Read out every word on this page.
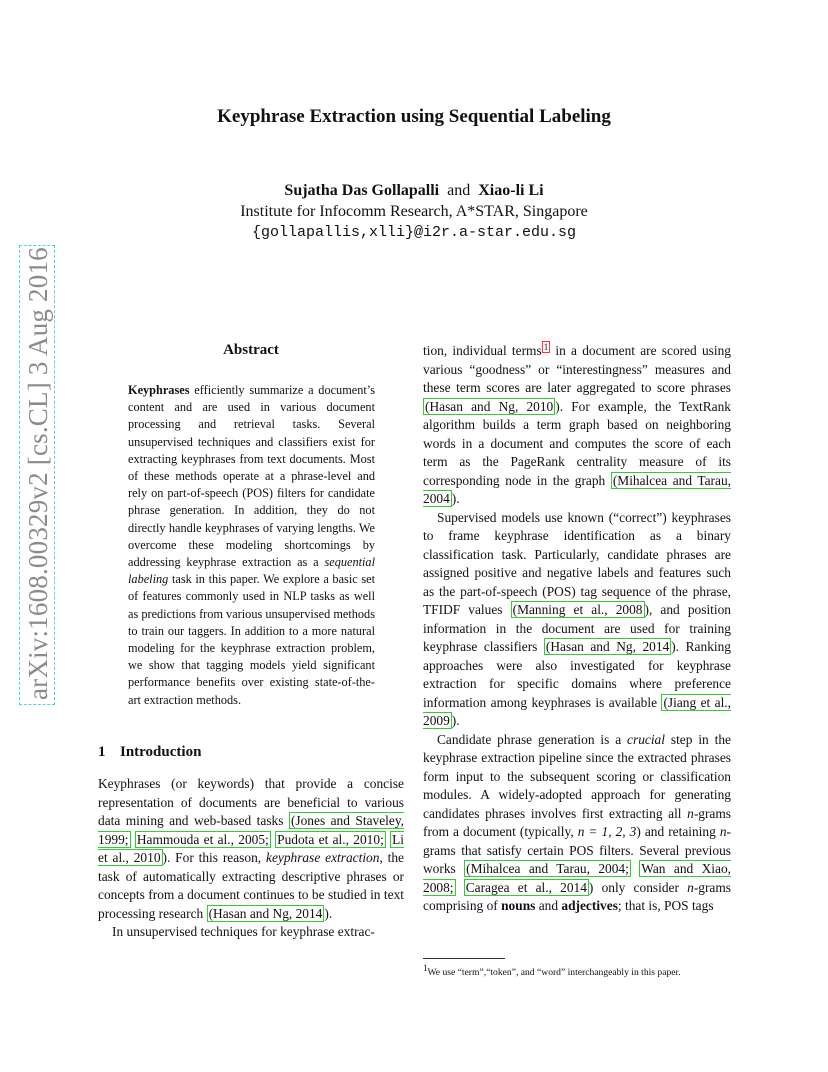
arXiv:1608.00329v2 [cs.CL] 3 Aug 2016
Keyphrase Extraction using Sequential Labeling
Sujatha Das Gollapalli and Xiao-li Li
Institute for Infocomm Research, A*STAR, Singapore
{gollapallis,xlli}@i2r.a-star.edu.sg
Abstract
Keyphrases efficiently summarize a document’s content and are used in various document processing and retrieval tasks. Several unsupervised techniques and classifiers exist for extracting keyphrases from text documents. Most of these methods operate at a phrase-level and rely on part-of-speech (POS) filters for candidate phrase generation. In addition, they do not directly handle keyphrases of varying lengths. We overcome these modeling shortcomings by addressing keyphrase extraction as a sequential labeling task in this paper. We explore a basic set of features commonly used in NLP tasks as well as predictions from various unsupervised methods to train our taggers. In addition to a more natural modeling for the keyphrase extraction problem, we show that tagging models yield significant performance benefits over existing state-of-the-art extraction methods.
1 Introduction

Keyphrases (or keywords) that provide a concise representation of documents are beneficial to various data mining and web-based tasks (Jones and Staveley, 1999; Hammouda et al., 2005; Pudota et al., 2010; Li et al., 2010 ). For this reason, keyphrase extraction, the task of automatically extracting descriptive phrases or concepts from a document continues to be studied in text processing research (Hasan and Ng, 2014 ).

In unsupervised techniques for keyphrase extrac-

tion, individual terms $^1$ in a document are scored using various “goodness” or “interestingness” measures and these term scores are later aggregated to score phrases (Hasan and Ng, 2010 ). For example, the TextRank algorithm builds a term graph based on neighboring words in a document and computes the score of each term as the PageRank centrality measure of its corresponding node in the graph (Mihalcea and Tarau, 2004 ).

Supervised models use known (“correct”) keyphrases to frame keyphrase identification as a binary classification task. Particularly, candidate phrases are assigned positive and negative labels and features such as the part-of-speech (POS) tag sequence of the phrase, TFIDF values (Manning et al., 2008 ), and position information in the document are used for training keyphrase classifiers (Hasan and Ng, 2014 ). Ranking approaches were also investigated for keyphrase extraction for specific domains where preference information among keyphrases is available (Jiang et al., 2009 ).

Candidate phrase generation is a crucial step in the keyphrase extraction pipeline since the extracted phrases form input to the subsequent scoring or classification modules. A widely-adopted approach for generating candidates phrases involves first extracting all n-grams from a document (typically, n = 1, 2, 3) and retaining n-grams that satisfy certain POS filters. Several previous works (Mihalcea and Tarau, 2004; Wan and Xiao, 2008; Caragea et al., 2014 ) only consider n-grams comprising of nouns and adjectives; that is, POS tags

$^1$We use “term”,“token”, and “word” interchangeably in this paper.
